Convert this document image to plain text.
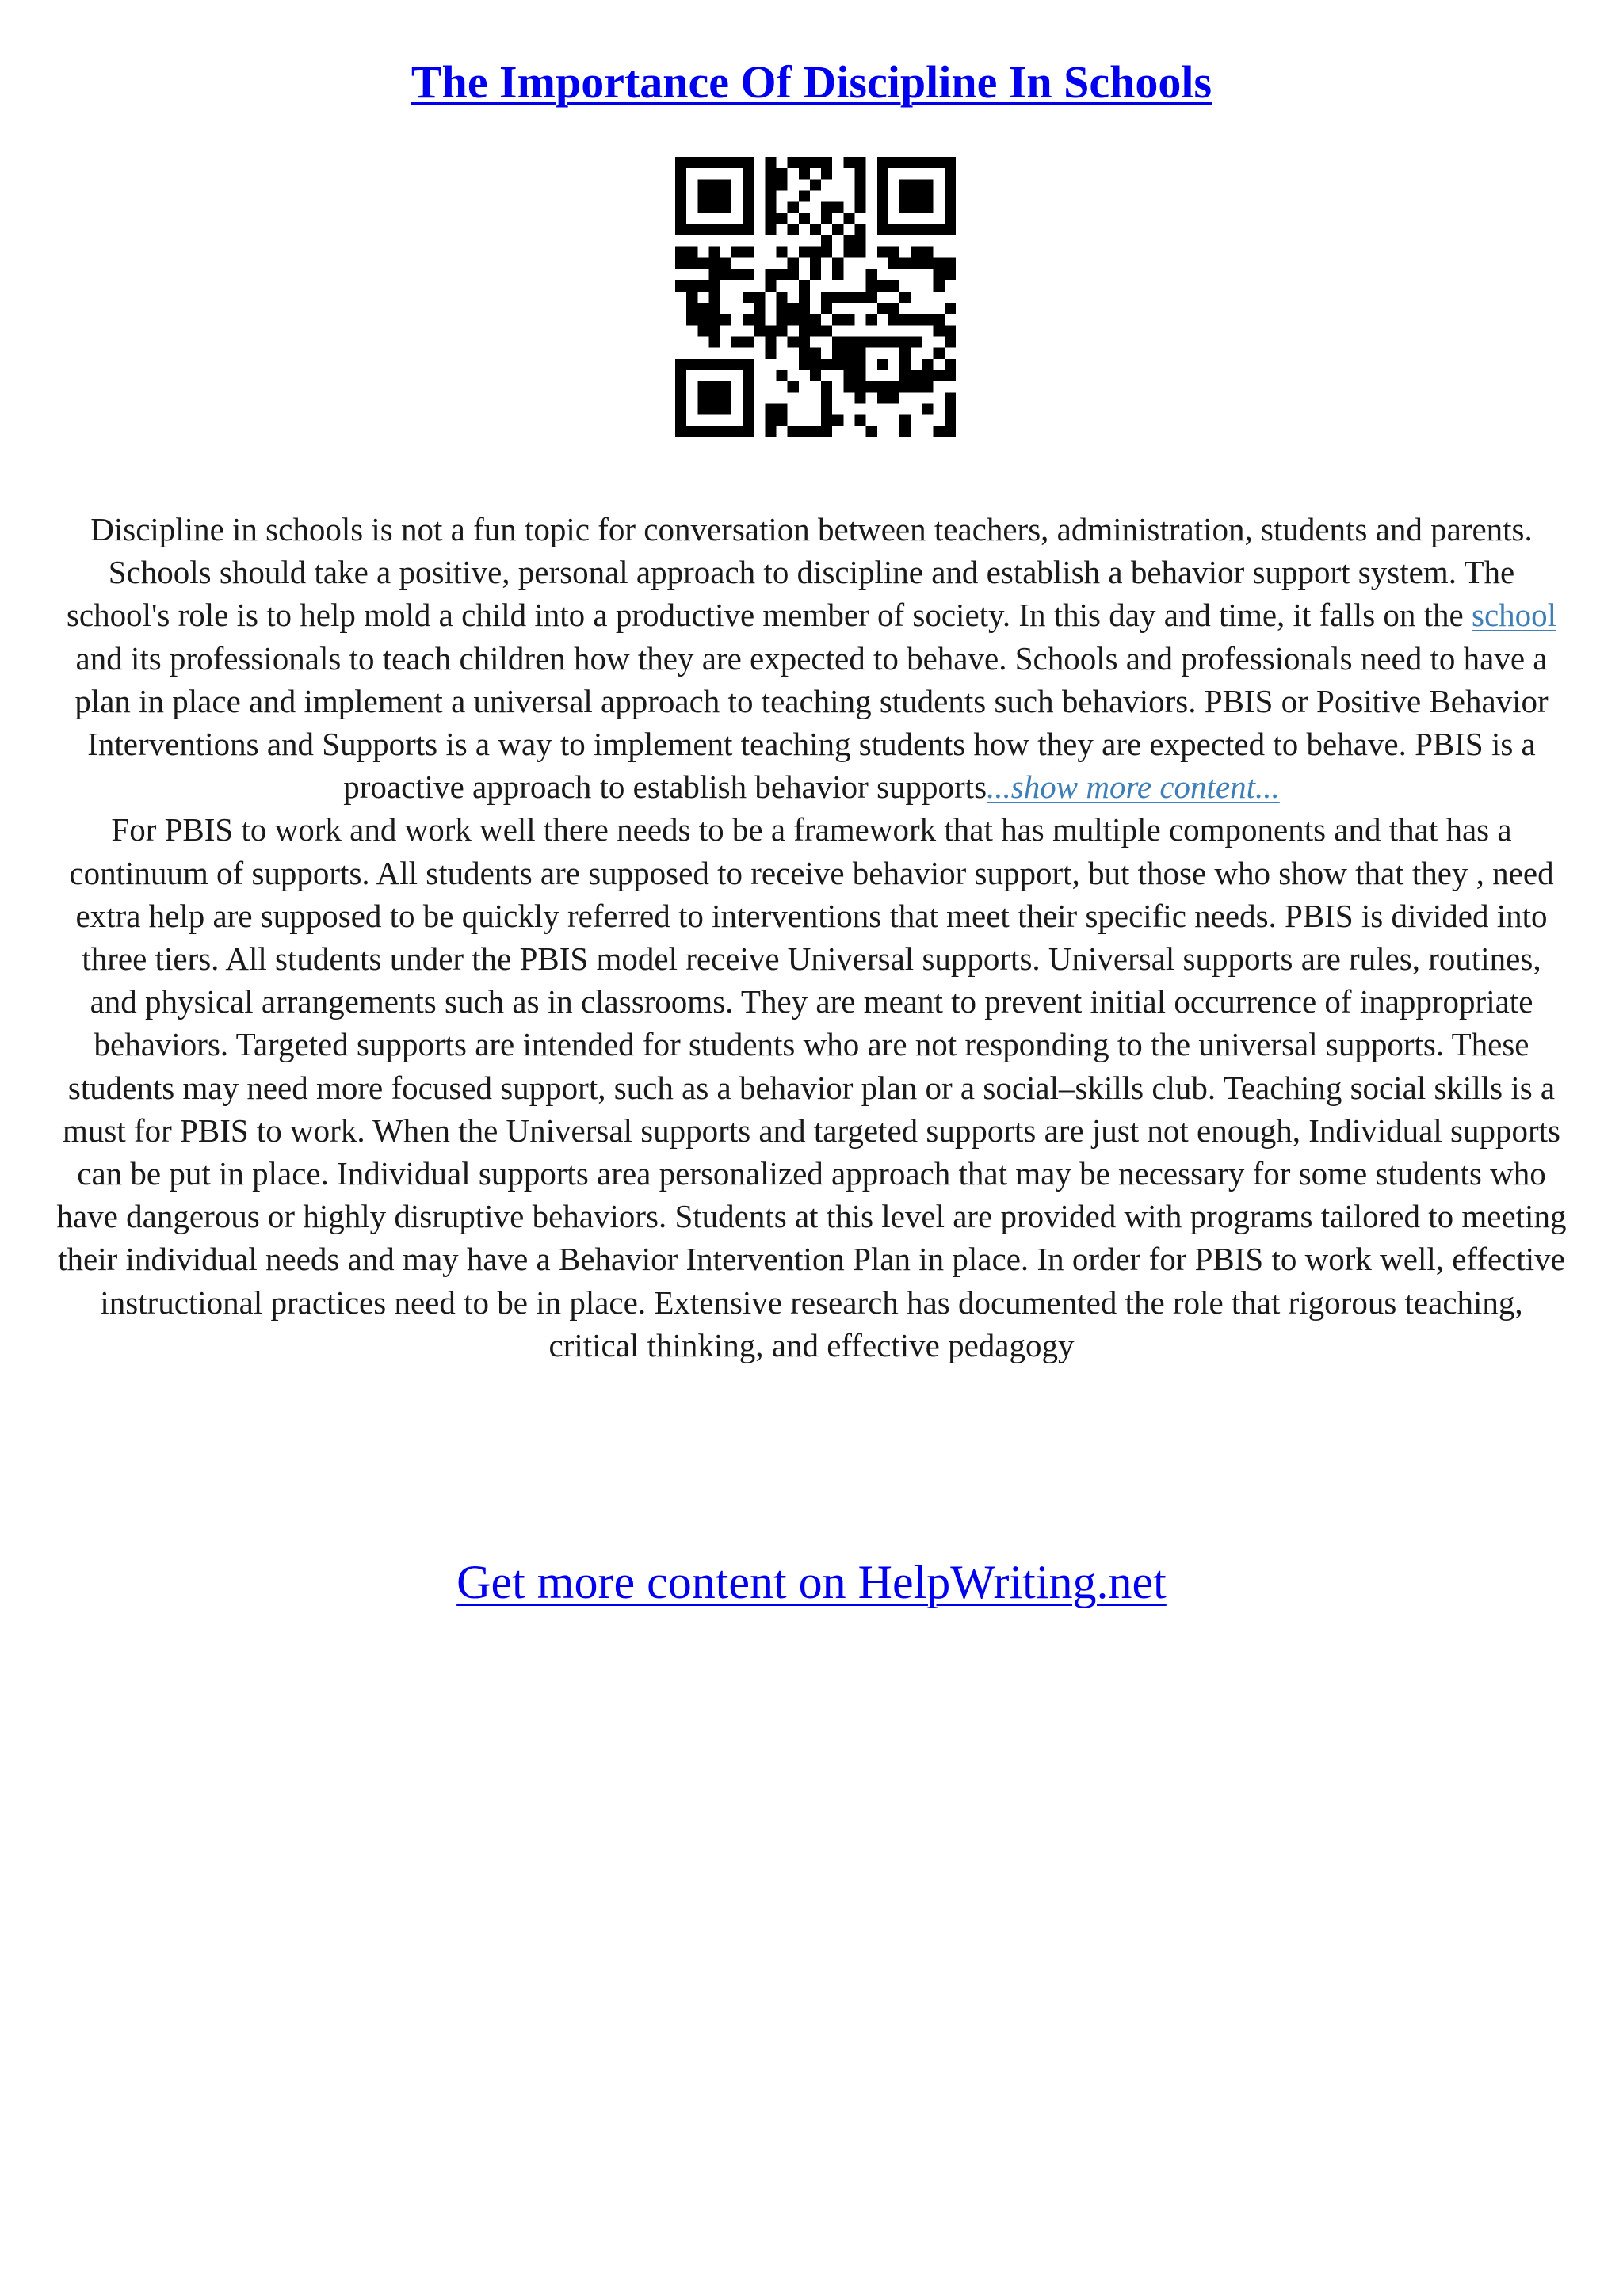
The Importance Of Discipline In Schools

Discipline in schools is not a fun topic for conversation between teachers, administration, students and parents. Schools should take a positive, personal approach to discipline and establish a behavior support system. The school's role is to help mold a child into a productive member of society. In this day and time, it falls on the school and its professionals to teach children how they are expected to behave. Schools and professionals need to have a plan in place and implement a universal approach to teaching students such behaviors. PBIS or Positive Behavior Interventions and Supports is a way to implement teaching students how they are expected to behave. PBIS is a proactive approach to establish behavior supports...show more content...

For PBIS to work and work well there needs to be a framework that has multiple components and that has a continuum of supports. All students are supposed to receive behavior support, but those who show that they , need extra help are supposed to be quickly referred to interventions that meet their specific needs. PBIS is divided into three tiers. All students under the PBIS model receive Universal supports. Universal supports are rules, routines, and physical arrangements such as in classrooms. They are meant to prevent initial occurrence of inappropriate behaviors. Targeted supports are intended for students who are not responding to the universal supports. These students may need more focused support, such as a behavior plan or a social–skills club. Teaching social skills is a must for PBIS to work. When the Universal supports and targeted supports are just not enough, Individual supports can be put in place. Individual supports area personalized approach that may be necessary for some students who have dangerous or highly disruptive behaviors. Students at this level are provided with programs tailored to meeting their individual needs and may have a Behavior Intervention Plan in place. In order for PBIS to work well, effective instructional practices need to be in place. Extensive research has documented the role that rigorous teaching, critical thinking, and effective pedagogy

Get more content on HelpWriting.net
